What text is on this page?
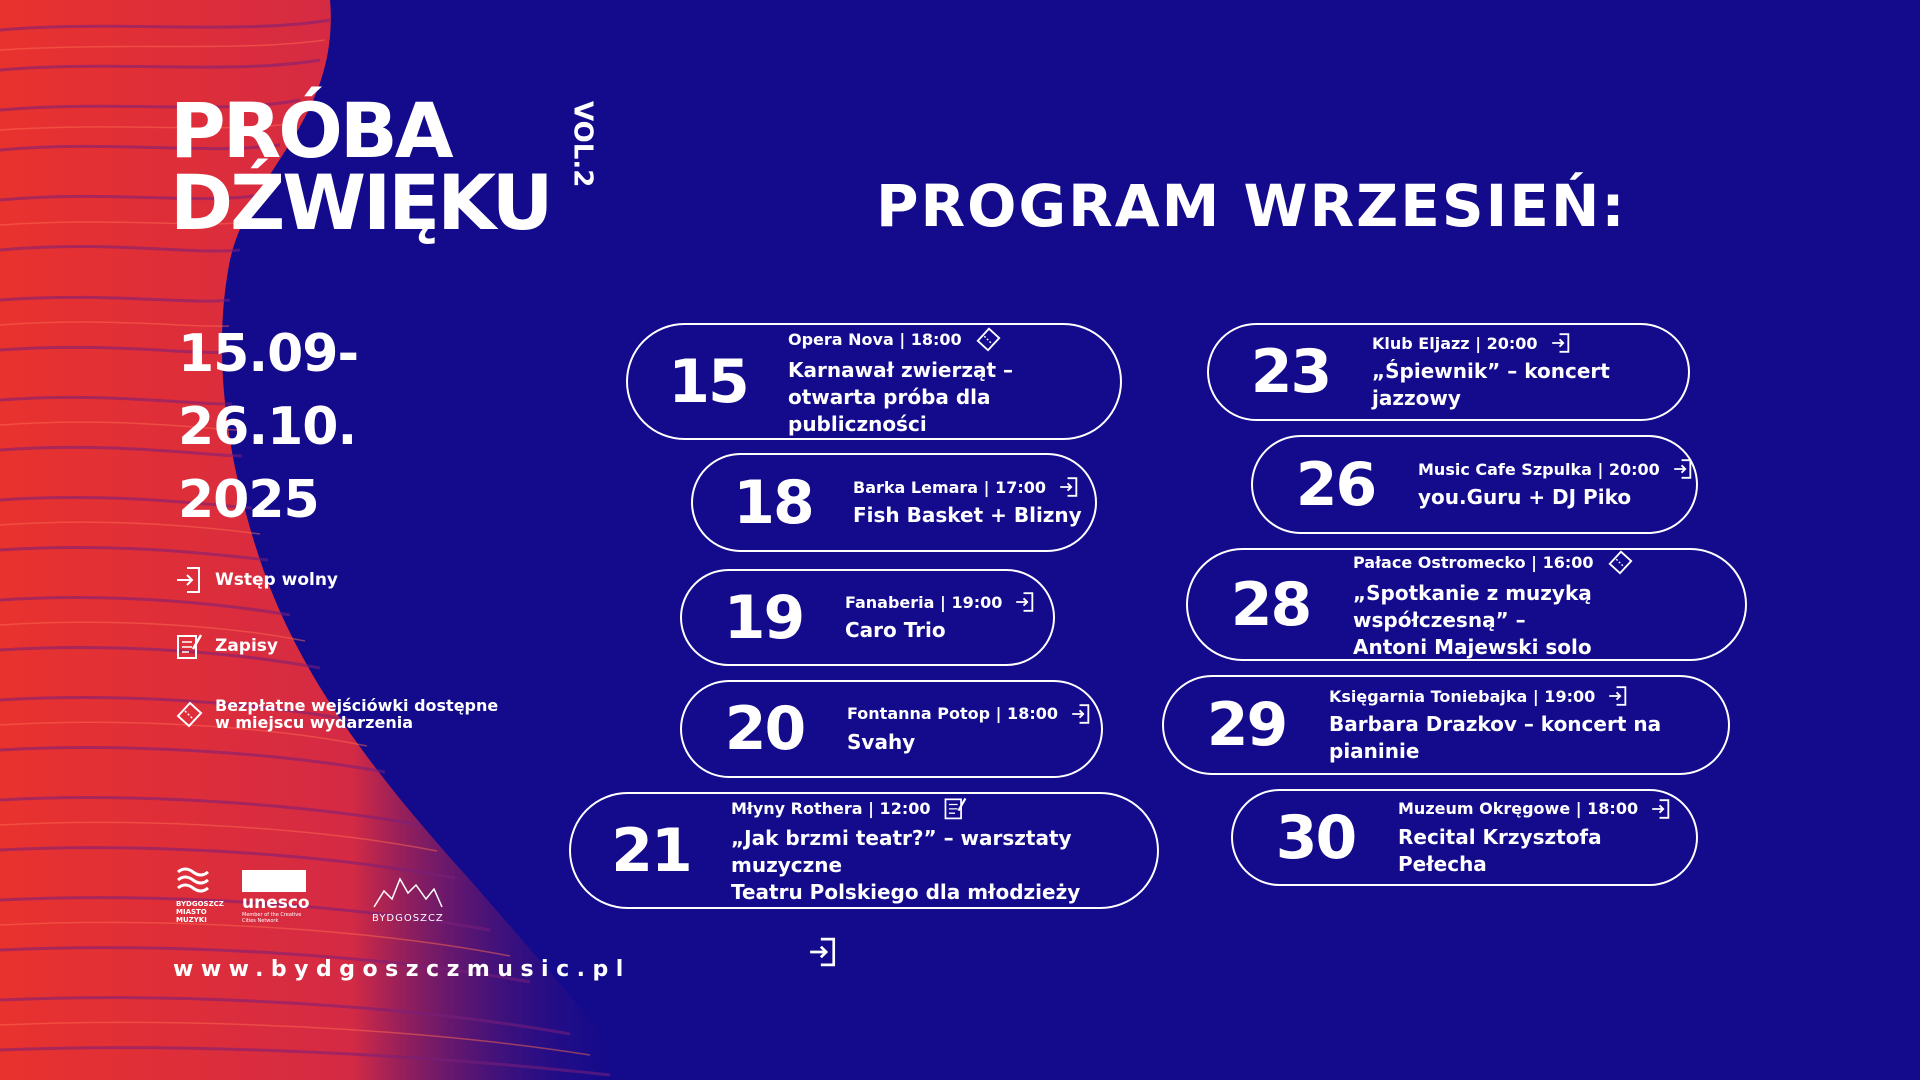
PRÓBA
DŹWIĘKU
VOL.2
15.09-
26.10.
2025
Wstęp wolny
Zapisy
Bezpłatne wejściówki dostępne
w miejscu wydarzenia
BYDGOSZCZ MIASTO MUZYKI
unesco
Member of the Creative Cities Network	BYDGOSZCZ
www.bydgoszczmusic.pl
PROGRAM WRZESIEŃ:
15
Opera Nova | 18:00
Karnawał zwierząt –
otwarta próba dla publiczności
18	Barka Lemara | 17:00
Fish Basket + Blizny
19	Fanaberia | 19:00
Caro Trio
20	Fontanna Potop | 18:00
Svahy
21
Młyny Rothera | 12:00
„Jak brzmi teatr?” – warsztaty muzyczne
Teatru Polskiego dla młodzieży
23	Klub Eljazz | 20:00
„Śpiewnik” – koncert jazzowy
26	Music Cafe Szpulka | 20:00
you.Guru + DJ Piko
28
Pałace Ostromecko | 16:00
„Spotkanie z muzyką współczesną” –
Antoni Majewski solo
29	Księgarnia Toniebajka | 19:00
Barbara Drazkov – koncert na pianinie
30	Muzeum Okręgowe | 18:00
Recital Krzysztofa Pełecha
